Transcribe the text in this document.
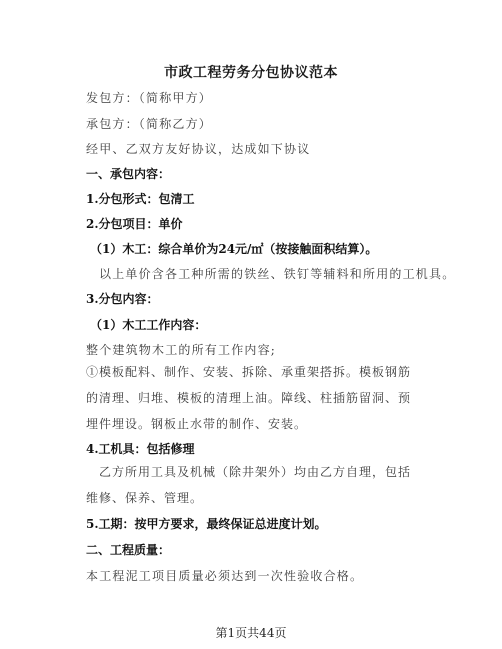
市政工程劳务分包协议范本
发包方：（简称甲方）
承包方：（简称乙方）
经甲、乙双方友好协议，达成如下协议
一、承包内容：
1.分包形式：包清工
2.分包项目：单价
（1）木工：综合单价为24元/㎡（按接触面积结算）。
以上单价含各工种所需的铁丝、铁钉等辅料和所用的工机具。
3.分包内容：
（1）木工工作内容：
整个建筑物木工的所有工作内容;
①模板配料、制作、安装、拆除、承重架搭拆。模板钢筋的清理、归堆、模板的清理上油。障线、柱插筋留洞、预埋件埋设。钢板止水带的制作、安装。
4.工机具：包括修理
乙方所用工具及机械（除井架外）均由乙方自理，包括维修、保养、管理。
5.工期：按甲方要求，最终保证总进度计划。
二、工程质量：
本工程泥工项目质量必须达到一次性验收合格。
第1页共44页
